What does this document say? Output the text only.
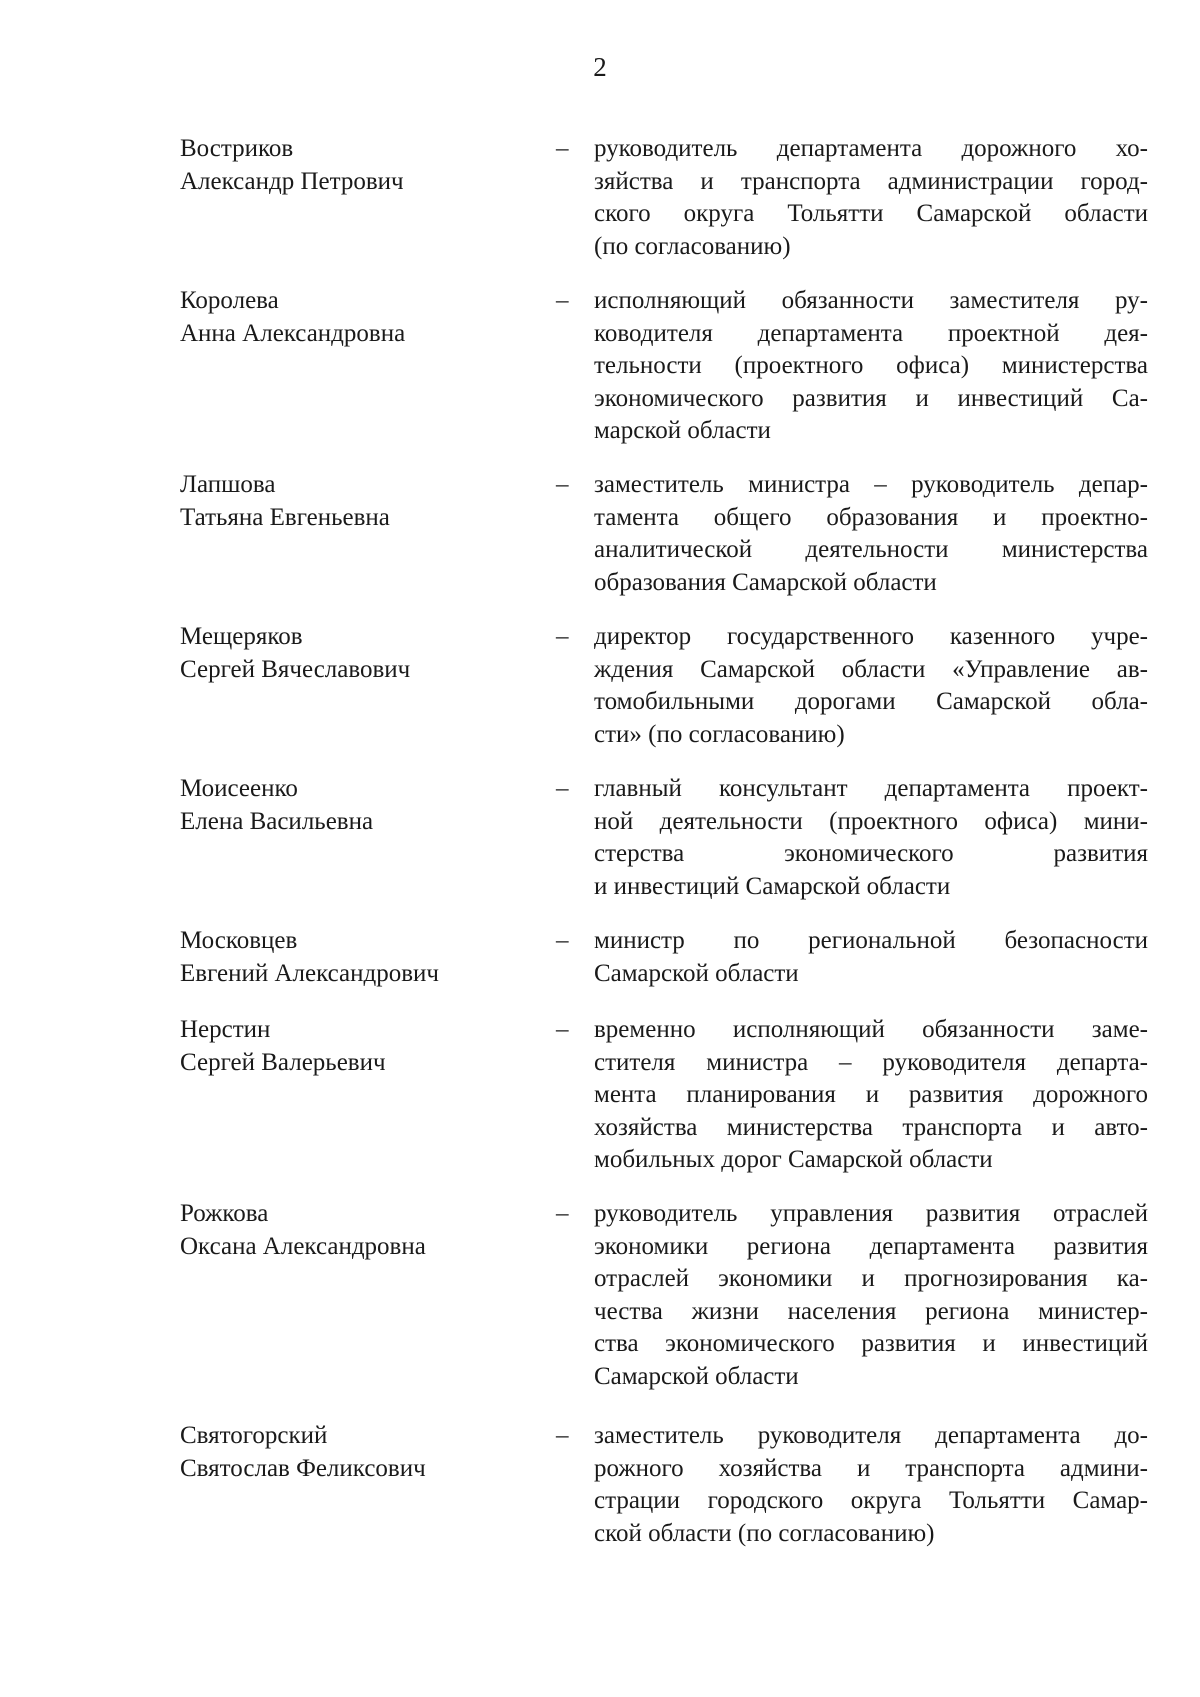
2
Востриков
Александр Петрович
– руководитель департамента дорожного хо-
зяйства и транспорта администрации город-
ского округа Тольятти Самарской области
(по согласованию)
Королева
Анна Александровна
– исполняющий обязанности заместителя ру-
ководителя департамента проектной дея-
тельности (проектного офиса) министерства
экономического развития и инвестиций Са-
марской области
Лапшова
Татьяна Евгеньевна
– заместитель министра – руководитель депар-
тамента общего образования и проектно-
аналитической деятельности министерства
образования Самарской области
Мещеряков
Сергей Вячеславович
– директор государственного казенного учре-
ждения Самарской области «Управление ав-
томобильными дорогами Самарской обла-
сти» (по согласованию)
Моисеенко
Елена Васильевна
– главный консультант департамента проект-
ной деятельности (проектного офиса) мини-
стерства экономического развития
и инвестиций Самарской области
Московцев
Евгений Александрович
– министр по региональной безопасности
Самарской области
Нерстин
Сергей Валерьевич
– временно исполняющий обязанности заме-
стителя министра – руководителя департа-
мента планирования и развития дорожного
хозяйства министерства транспорта и авто-
мобильных дорог Самарской области
Рожкова
Оксана Александровна
– руководитель управления развития отраслей
экономики региона департамента развития
отраслей экономики и прогнозирования ка-
чества жизни населения региона министер-
ства экономического развития и инвестиций
Самарской области
Святогорский
Святослав Феликсович
– заместитель руководителя департамента до-
рожного хозяйства и транспорта админи-
страции городского округа Тольятти Самар-
ской области (по согласованию)
